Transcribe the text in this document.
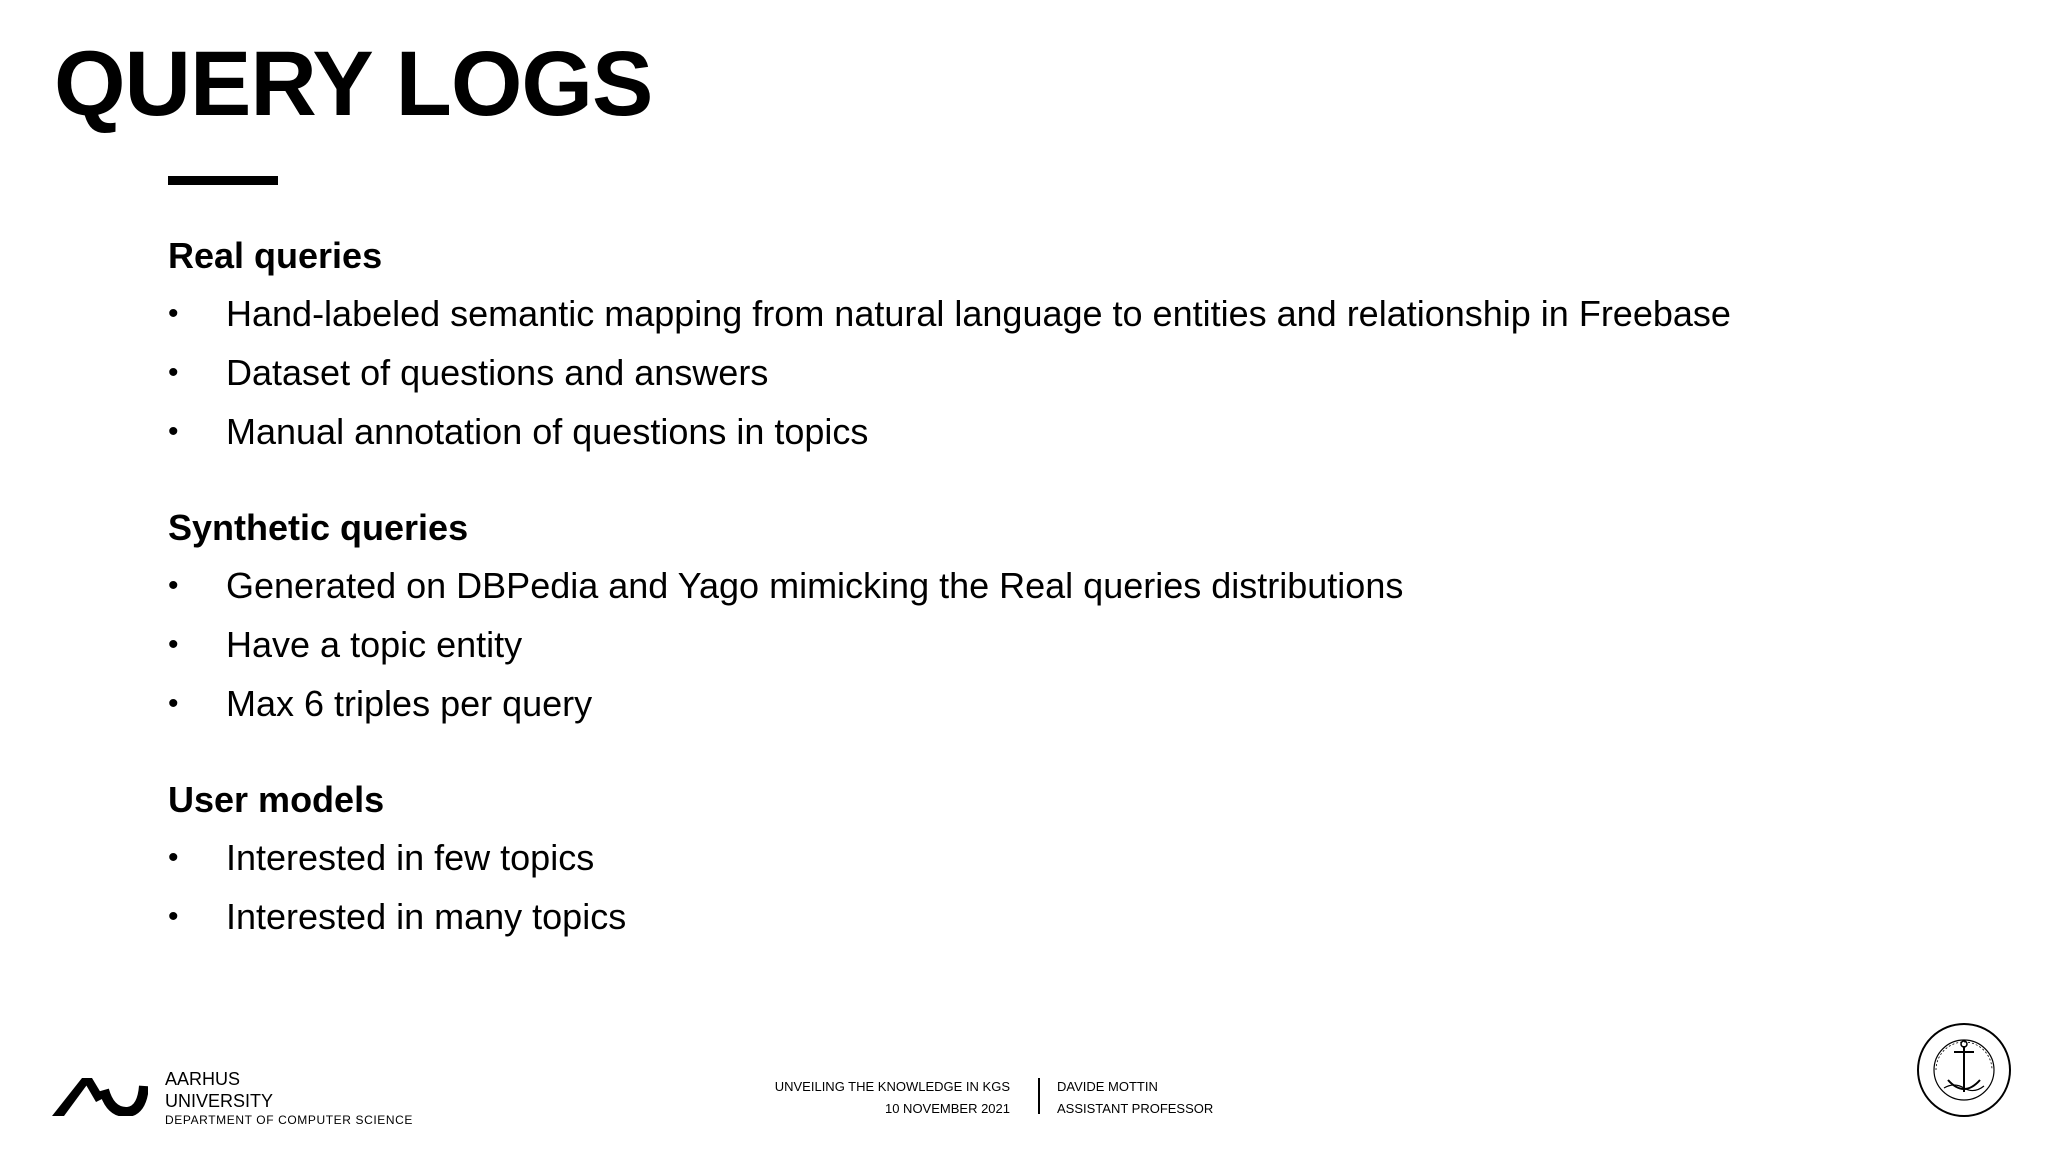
QUERY LOGS
Real queries
• Hand-labeled semantic mapping from natural language to entities and relationship in Freebase
• Dataset of questions and answers
• Manual annotation of questions in topics
Synthetic queries
• Generated on DBPedia and Yago mimicking the Real queries distributions
• Have a topic entity
• Max 6 triples per query
User models
• Interested in few topics
• Interested in many topics
AARHUS
UNIVERSITY
DEPARTMENT OF COMPUTER SCIENCE
UNVEILING THE KNOWLEDGE IN KGS
10 NOVEMBER 2021
DAVIDE MOTTIN
ASSISTANT PROFESSOR
